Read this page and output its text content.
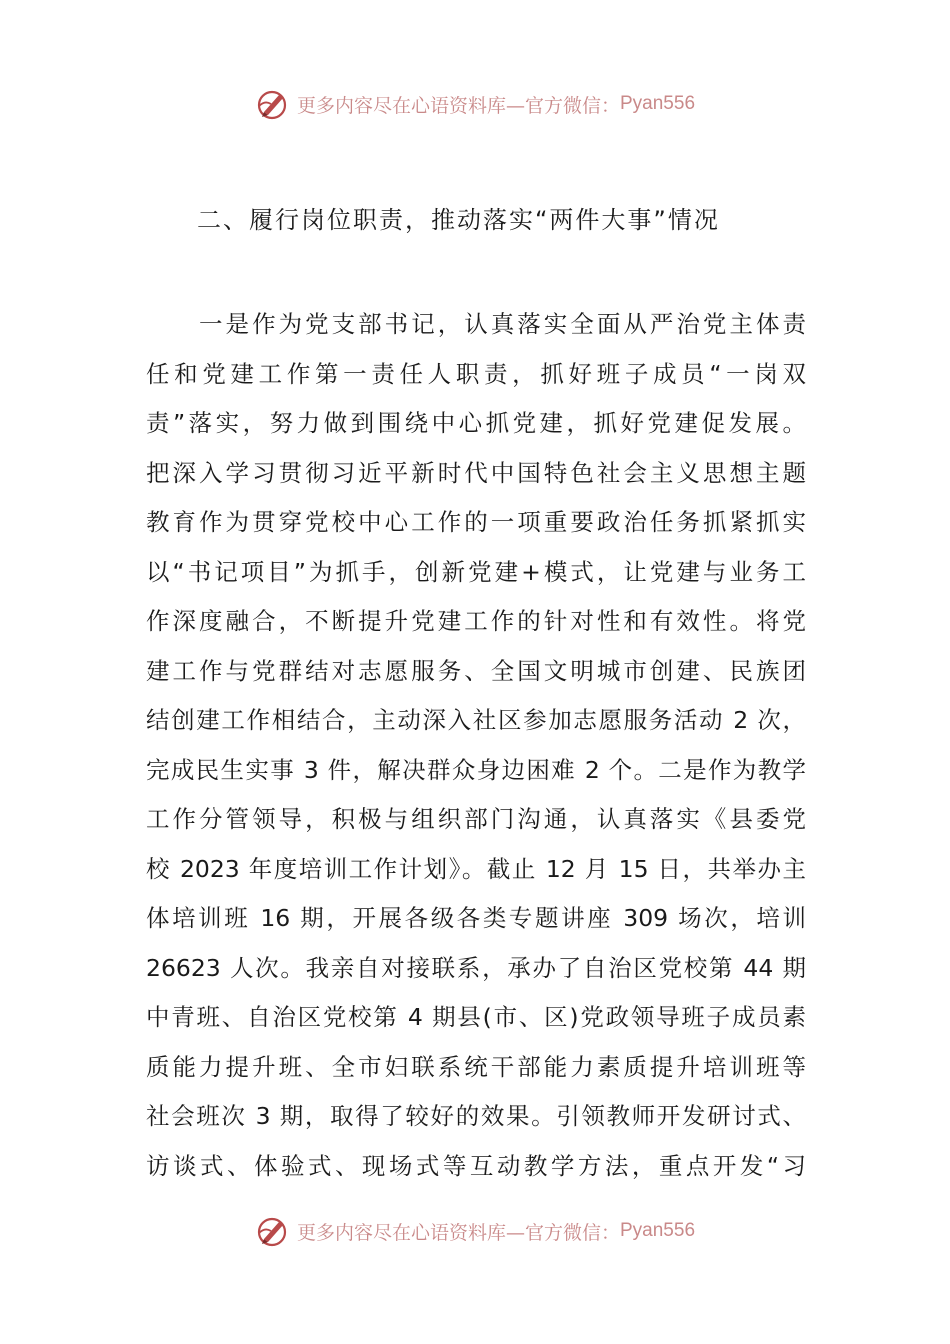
更多内容尽在心语资料库—官方微信： Pyan556
二、履行岗位职责，推动落实“两件大事”情况
　　一是作为党支部书记，认真落实全面从严治党主体责
任和党建工作第一责任人职责，抓好班子成员“一岗双
责”落实，努力做到围绕中心抓党建，抓好党建促发展。
把深入学习贯彻习近平新时代中国特色社会主义思想主题
教育作为贯穿党校中心工作的一项重要政治任务抓紧抓实
以“书记项目”为抓手，创新党建+模式，让党建与业务工
作深度融合，不断提升党建工作的针对性和有效性。将党
建工作与党群结对志愿服务、全国文明城市创建、民族团
结创建工作相结合，主动深入社区参加志愿服务活动 2 次，
完成民生实事 3 件，解决群众身边困难 2 个。二是作为教学
工作分管领导，积极与组织部门沟通，认真落实《县委党
校 2023 年度培训工作计划》。截止 12 月 15 日，共举办主
体培训班 16 期，开展各级各类专题讲座 309 场次，培训
26623 人次。我亲自对接联系，承办了自治区党校第 44 期
中青班、自治区党校第 4 期县(市、区)党政领导班子成员素
质能力提升班、全市妇联系统干部能力素质提升培训班等
社会班次 3 期，取得了较好的效果。引领教师开发研讨式、
访谈式、体验式、现场式等互动教学方法，重点开发“习
更多内容尽在心语资料库—官方微信： Pyan556
